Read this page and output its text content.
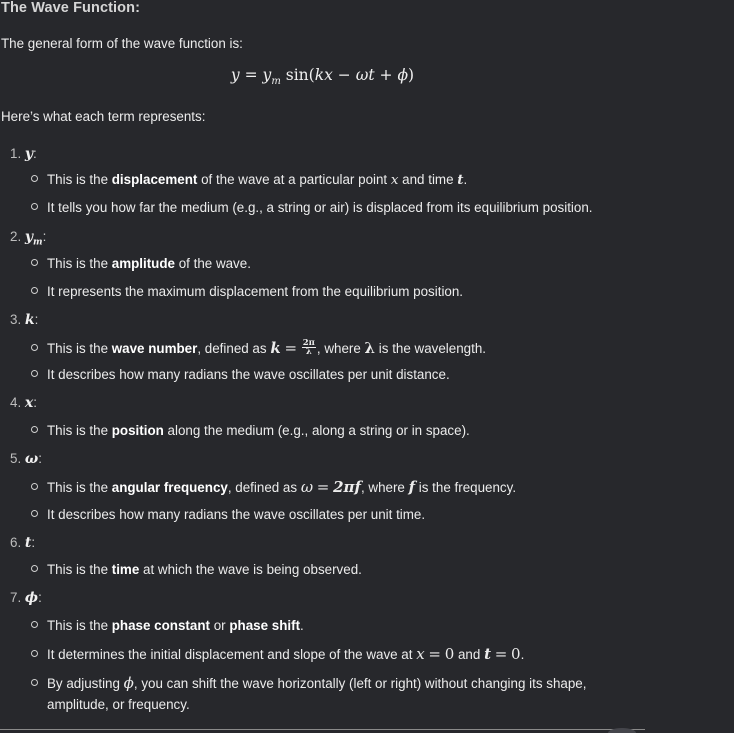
The Wave Function:
The general form of the wave function is:
$y = y_m$ sin(kx − ωt + ϕ)
Here’s what each term represents:
1. y:
This is the displacement of the wave at a particular point x and time t.
It tells you how far the medium (e.g., a string or air) is displaced from its equilibrium position.
2. $y_m$:
This is the amplitude of the wave.
It represents the maximum displacement from the equilibrium position.
3. k:
This is the wave number, defined as $k = \frac{2\pi}{\lambda}$ , where λ is the wavelength.
It describes how many radians the wave oscillates per unit distance.
4. x:
This is the position along the medium (e.g., along a string or in space).
5. ω:
This is the angular frequency, defined as ω = 2πf, where f is the frequency.
It describes how many radians the wave oscillates per unit time.
6. t:
This is the time at which the wave is being observed.
7. ϕ:
This is the phase constant or phase shift.
It determines the initial displacement and slope of the wave at x = 0 and t = 0.
By adjusting ϕ, you can shift the wave horizontally (left or right) without changing its shape,
amplitude, or frequency.
